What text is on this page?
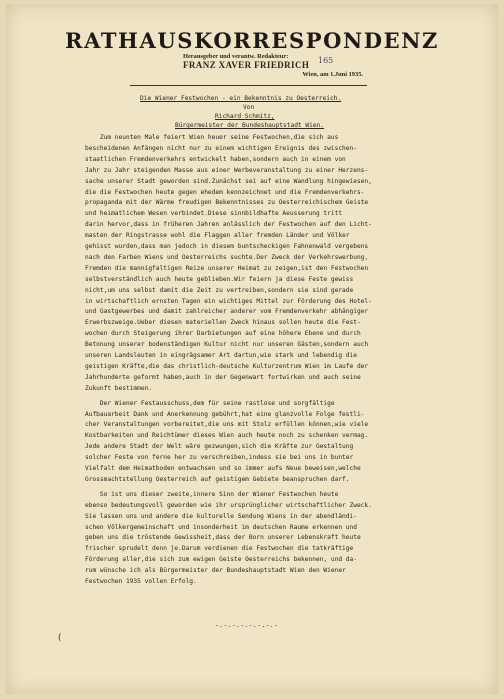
RATHAUSKORRESPONDENZ
Herausgeber und verantw. Redakteur:
FRANZ XAVER FRIEDRICH
Wien, am 1.Juni 1935.
165
Die Wiener Festwochen - ein Bekenntnis zu Oesterreich.
Von
Richard Schmitz,
Bürgermeister der Bundeshauptstadt Wien.
Zum neunten Male feiert Wien heuer seine Festwochen,die sich aus
bescheidenen Anfängen nicht nur zu einem wichtigen Ereignis des zwischen-
staatlichen Fremdenverkehrs entwickelt haben,sondern auch in einem von
Jahr zu Jahr steigenden Masse aus einer Werbeveranstaltung zu einer Herzens-
sache unserer Stadt geworden sind.Zunächst sei auf eine Wandlung hingewiesen,
die die Festwochen heute gegen ehedem kennzeichnet und die Fremdenverkehrs-
propaganda mit der Wärme freudigen Bekenntnisses zu Oesterreichischem Geiste
und heimatlichem Wesen verbindet.Diese sinnbildhafte Aeusserung tritt
darin hervor,dass in früheren Jahren anlässlich der Festwochen auf den Licht-
masten der Ringstrasse wohl die Flaggen aller fremden Länder und Völker
gehisst wurden,dass man jedoch in diesem buntscheckigen Fahnenwald vergebens
nach den Farben Wiens und Oesterreichs suchte.Der Zweck der Verkehrswerbung,
Fremden die mannigfaltigen Reize unserer Heimat zu zeigen,ist den Festwochen
selbstverständlich auch heute geblieben.Wir feiern ja diese Feste gewiss
nicht,um uns selbst damit die Zeit zu vertreiben,sondern sie sind gerade
in wirtschaftlich ernsten Tagen ein wichtiges Mittel zur Förderung des Hotel-
und Gastgewerbes und damit zahlreicher anderer vom Fremdenverkehr abhängiger
Erwerbszweige.Ueber diesen materiellen Zweck hinaus sollen heute die Fest-
wochen durch Steigerung ihrer Darbietungen auf eine höhere Ebene und durch
Betonung unserer bodenständigen Kultur nicht nur unseren Gästen,sondern auch
unseren Landsleuten in eingrägsamer Art dartun,wie stark und lebendig die
geistigen Kräfte,die das christlich-deutsche Kulturzentrum Wien im Laufe der
Jahrhunderte geformt haben,auch in der Gegenwart fortwirken und auch seine
Zukunft bestimmen.
Der Wiener Festausschuss,dem für seine rastlose und sorgfältige
Aufbauarbeit Dank und Anerkennung gebührt,hat eine glanzvolle Folge festli-
cher Veranstaltungen vorbereitet,die uns mit Stolz erfüllen können,wie viele
Kostbarkeiten und Reichtümer dieses Wien auch heute noch zu schenken vermag.
Jede andere Stadt der Welt wäre gezwungen,sich die Kräfte zur Gestaltung
solcher Feste von ferne her zu verschreiben,indess sie bei uns in bunter
Vielfalt dem Heimatboden entwachsen und so immer aufs Neue beweisen,welche
Grossmachtstellung Oesterreich auf geistigem Gebiete beanspruchen darf.
So ist uns dieser zweite,innere Sinn der Wiener Festwochen heute
ebenso bedeutungsvoll geworden wie ihr ursprünglicher wirtschaftlicher Zweck.
Sie lassen uns und andere die kulturelle Sendung Wiens in der abendländi-
schen Völkergemeinschaft und insonderheit im deutschen Raume erkennen und
geben uns die tröstende Gewissheit,dass der Born unserer Lebenskraft heute
frischer sprudelt denn je.Darum verdienen die Festwochen die tatkräftige
Förderung aller,die sich zum ewigen Geiste Oesterreichs bekennen, und da-
rum wünsche ich als Bürgermeister der Bundeshauptstadt Wien den Wiener
Festwochen 1935 vollen Erfolg.
-.-.-.-.-.-.-.-
(
